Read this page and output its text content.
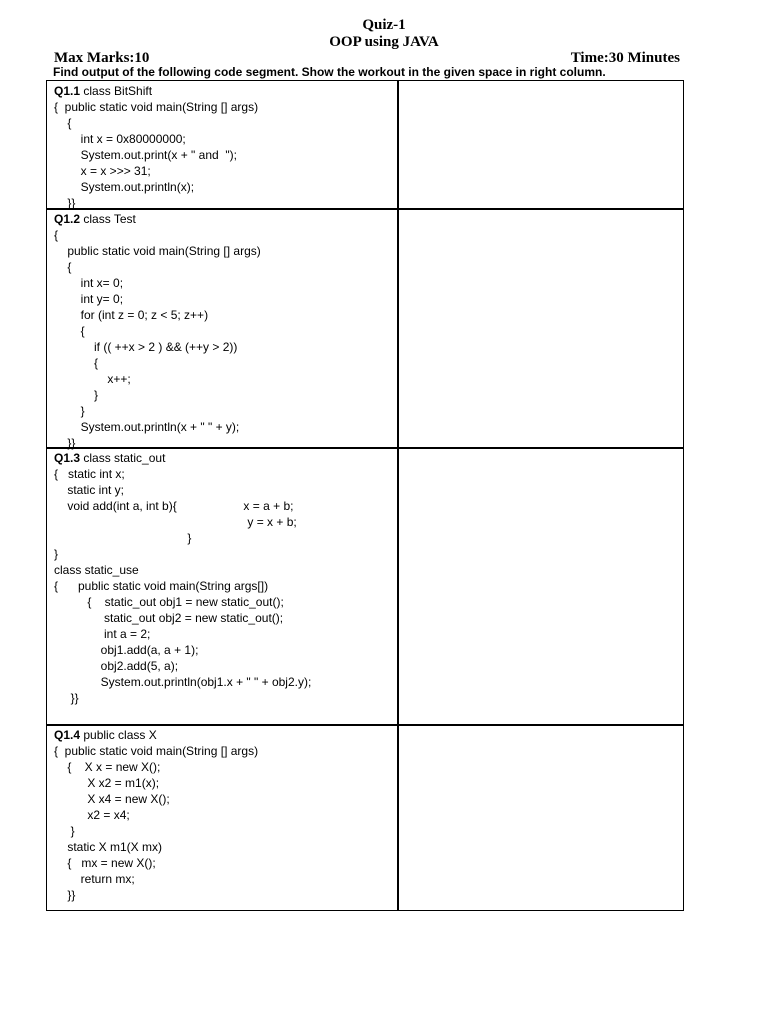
Quiz-1
OOP using JAVA
Max Marks:10	Time:30 Minutes
Find output of the following code segment. Show the workout in the given space in right column.
Q1.1 class BitShift
{  public static void main(String [] args)
{
int x = 0x80000000;
System.out.print(x + " and  ");
x = x >>> 31;
System.out.println(x);
}}
Q1.2 class Test
{
public static void main(String [] args)
{
int x= 0;
int y= 0;
for (int z = 0; z < 5; z++)
{
if (( ++x > 2 ) && (++y > 2))
{
x++;
}
}
System.out.println(x + " " + y);
}}
Q1.3 class static_out
{   static int x;
static int y;
void add(int a, int b){                    x = a + b;
y = x + b;
}
}
class static_use
{      public static void main(String args[])
{    static_out obj1 = new static_out();
static_out obj2 = new static_out();
int a = 2;
obj1.add(a, a + 1);
obj2.add(5, a);
System.out.println(obj1.x + " " + obj2.y);
}}
Q1.4 public class X
{  public static void main(String [] args)
{    X x = new X();
X x2 = m1(x);
X x4 = new X();
x2 = x4;
}
static X m1(X mx)
{   mx = new X();
return mx;
}}
